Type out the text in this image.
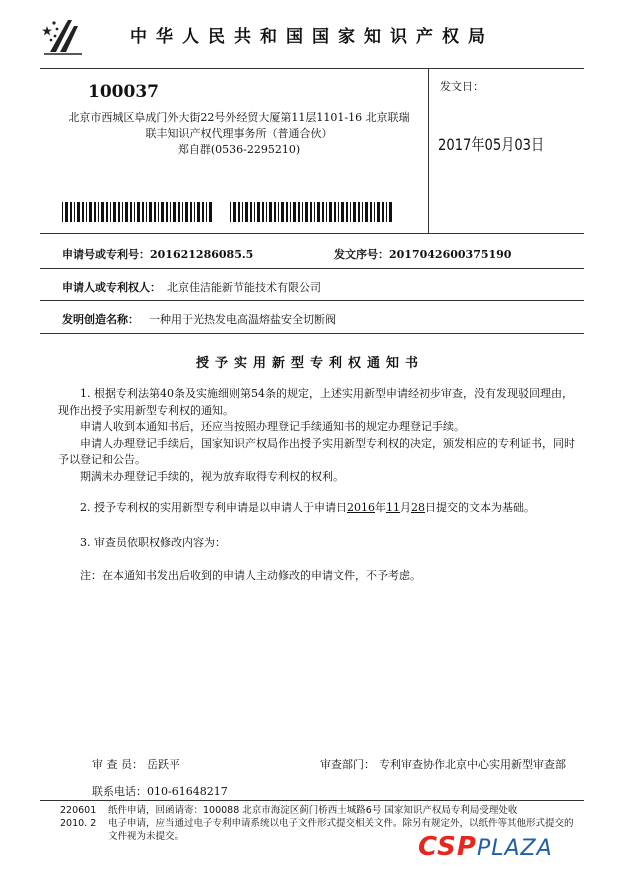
中华人民共和国国家知识产权局
100037
北京市西城区阜成门外大街22号外经贸大厦第11层1101-16 北京联瑞联丰知识产权代理事务所（普通合伙）
郑自群(0536-2295210)
发文日：
2017年05月03日
申请号或专利号：201621286085.5	发文序号：2017042600375190
申请人或专利权人： 北京佳洁能新节能技术有限公司
发明创造名称： 一种用于光热发电高温熔盐安全切断阀
授予实用新型专利权通知书
1. 根据专利法第40条及实施细则第54条的规定，上述实用新型申请经初步审查，没有发现驳回理由，现作出授予实用新型专利权的通知。
申请人收到本通知书后，还应当按照办理登记手续通知书的规定办理登记手续。
申请人办理登记手续后，国家知识产权局作出授予实用新型专利权的决定，颁发相应的专利证书，同时予以登记和公告。
期满未办理登记手续的，视为放弃取得专利权的权利。
2. 授予专利权的实用新型专利申请是以申请人于申请日2016年11月28日提交的文本为基础。
3. 审查员依职权修改内容为：
注：在本通知书发出后收到的申请人主动修改的申请文件，不予考虑。
审 查 员： 岳跃平	审查部门： 专利审查协作北京中心实用新型审查部
联系电话：010-61648217
220601
2010. 2
纸件申请，回函请寄：100088 北京市海淀区蓟门桥西土城路6号 国家知识产权局专利局受理处收
电子申请，应当通过电子专利申请系统以电子文件形式提交相关文件。除另有规定外，以纸件等其他形式提交的
文件视为未提交。	CSPPLAZA
